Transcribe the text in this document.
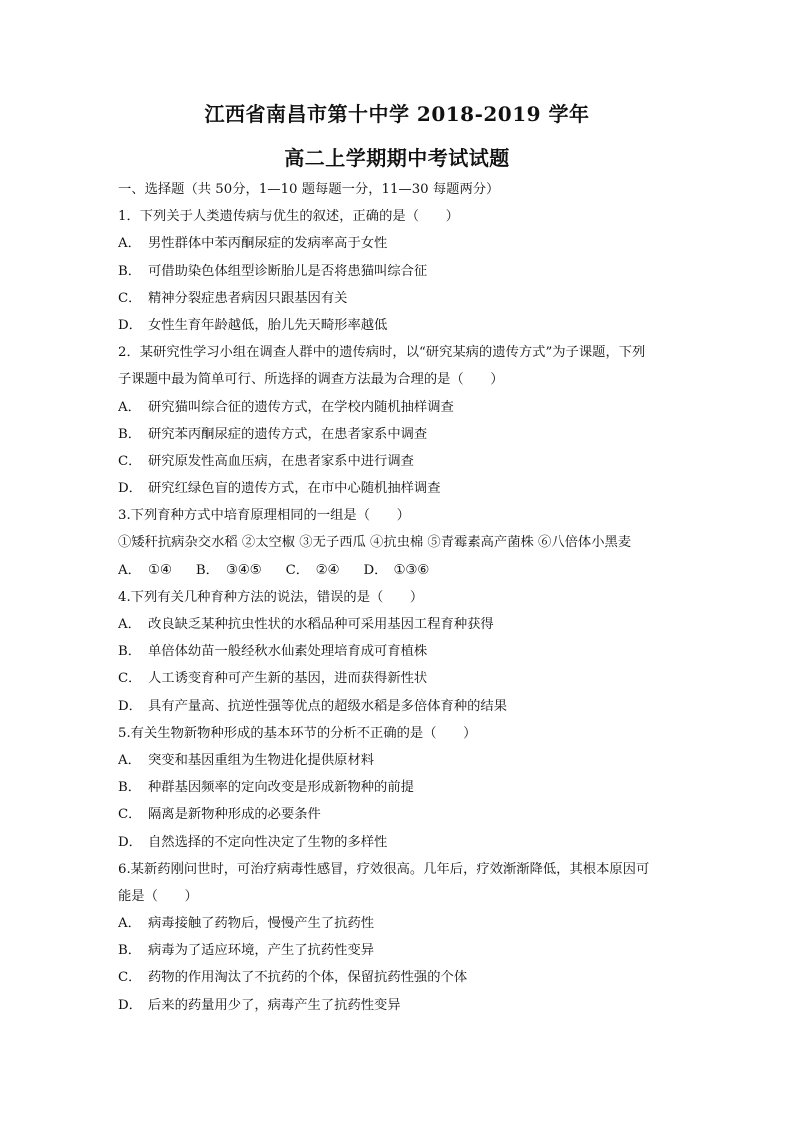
江西省南昌市第十中学 2018-2019 学年
高二上学期期中考试试题
一、选择题（共 50分，1—10 题每题一分，11—30 每题两分）
1．下列关于人类遗传病与优生的叙述，正确的是（　　）
A． 男性群体中苯丙酮尿症的发病率高于女性
B． 可借助染色体组型诊断胎儿是否将患猫叫综合征
C． 精神分裂症患者病因只跟基因有关
D． 女性生育年龄越低，胎儿先天畸形率越低
2．某研究性学习小组在调查人群中的遗传病时，以“研究某病的遗传方式”为子课题，下列
子课题中最为简单可行、所选择的调查方法最为合理的是（　　）
A． 研究猫叫综合征的遗传方式，在学校内随机抽样调查
B． 研究苯丙酮尿症的遗传方式，在患者家系中调查
C． 研究原发性高血压病，在患者家系中进行调查
D． 研究红绿色盲的遗传方式，在市中心随机抽样调查
3.下列育种方式中培育原理相同的一组是（　　）
①矮秆抗病杂交水稻 ②太空椒 ③无子西瓜 ④抗虫棉 ⑤青霉素高产菌株 ⑥八倍体小黑麦
A． ①④ B． ③④⑤ C． ②④ D． ①③⑥
4.下列有关几种育种方法的说法，错误的是（　　）
A． 改良缺乏某种抗虫性状的水稻品种可采用基因工程育种获得
B． 单倍体幼苗一般经秋水仙素处理培育成可育植株
C． 人工诱变育种可产生新的基因，进而获得新性状
D． 具有产量高、抗逆性强等优点的超级水稻是多倍体育种的结果
5.有关生物新物种形成的基本环节的分析不正确的是（　　）
A． 突变和基因重组为生物进化提供原材料
B． 种群基因频率的定向改变是形成新物种的前提
C． 隔离是新物种形成的必要条件
D． 自然选择的不定向性决定了生物的多样性
6.某新药刚问世时，可治疗病毒性感冒，疗效很高。几年后，疗效渐渐降低，其根本原因可
能是（　　）
A． 病毒接触了药物后，慢慢产生了抗药性
B． 病毒为了适应环境，产生了抗药性变异
C． 药物的作用淘汰了不抗药的个体，保留抗药性强的个体
D． 后来的药量用少了，病毒产生了抗药性变异
